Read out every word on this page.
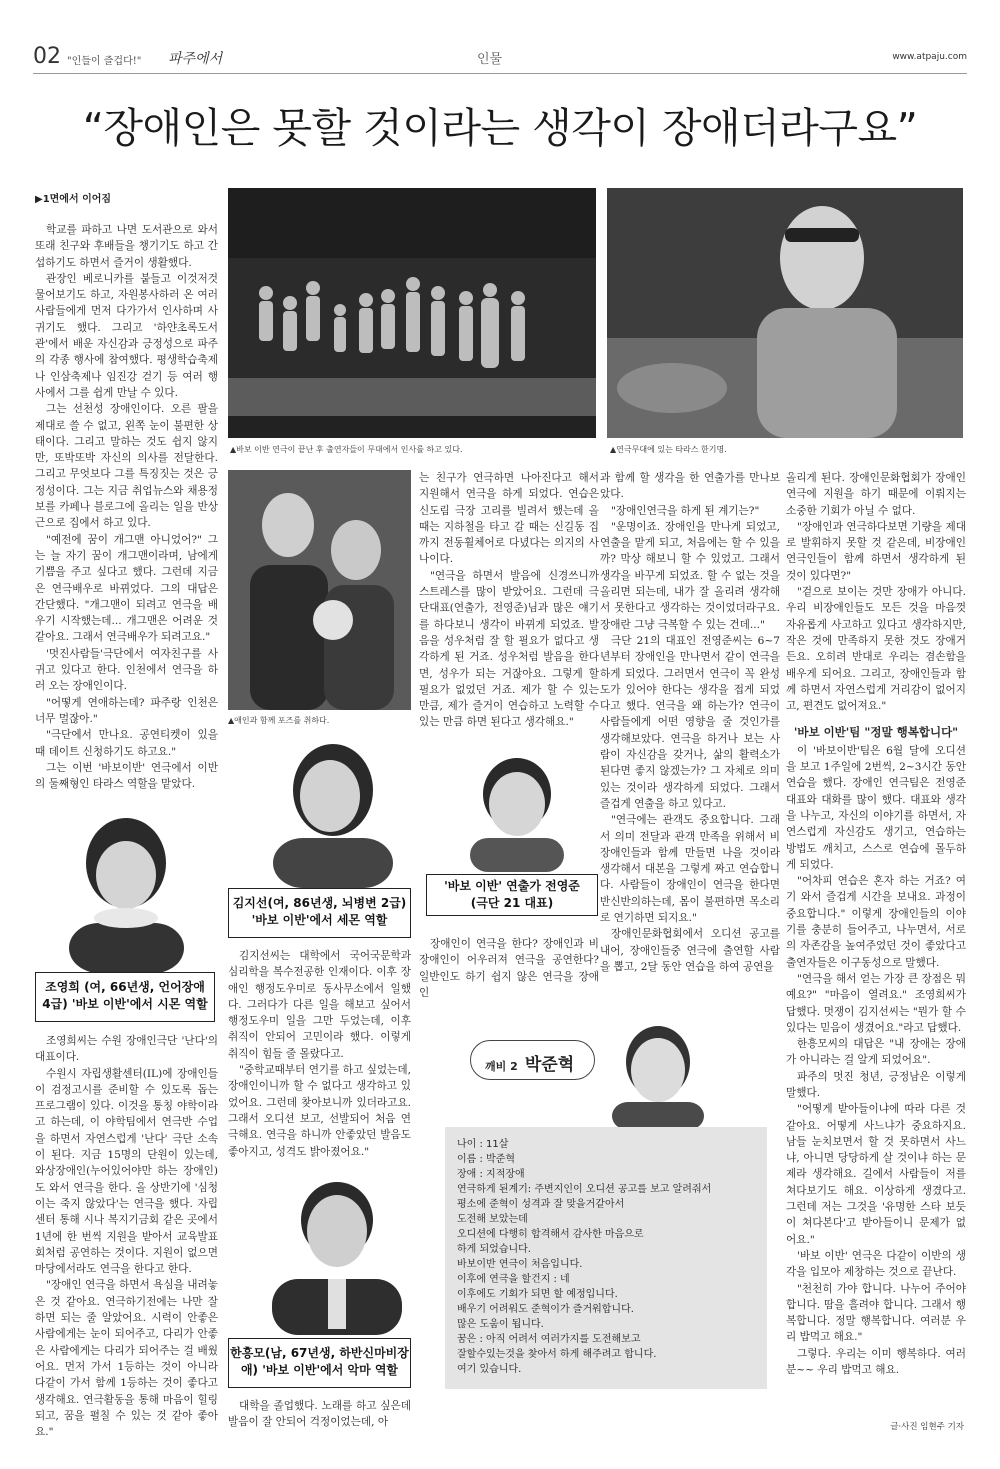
02 "인들이 즐겁다!" 파주에서	인물	www.atpaju.com
“장애인은 못할 것이라는 생각이 장애더라구요”
▶1면에서 이어짐

학교를 파하고 나면 도서관으로 와서 또래 친구와 후배들을 챙기기도 하고 간섭하기도 하면서 즐거이 생활했다.

관장인 베로니카를 붙들고 이것저것 물어보기도 하고, 자원봉사하러 온 여러 사람들에게 먼저 다가가서 인사하며 사귀기도 했다. 그리고 '하얀초록도서관'에서 배운 자신감과 긍정성으로 파주의 각종 행사에 참여했다. 평생학습축제나 인삼축제나 임진강 걷기 등 여러 행사에서 그를 쉽게 만날 수 있다.

그는 선천성 장애인이다. 오른 팔을 제대로 쓸 수 없고, 왼쪽 눈이 불편한 상태이다. 그리고 말하는 것도 쉽지 않지만, 또박또박 자신의 의사를 전달한다. 그리고 무엇보다 그를 특징짓는 것은 긍정성이다. 그는 지금 취업뉴스와 채용정보를 카페나 블로그에 올리는 일을 반상근으로 집에서 하고 있다.

"예전에 꿈이 개그맨 아니었어?" 그는 늘 자기 꿈이 개그맨이라며, 남에게 기쁨을 주고 싶다고 했다. 그런데 지금은 연극배우로 바뀌었다. 그의 대답은 간단했다. "개그맨이 되려고 연극을 배우기 시작했는데... 개그맨은 어려운 것 같아요. 그래서 연극배우가 되려고요."

'멋진사람들'극단에서 여자친구를 사귀고 있다고 한다. 인천에서 연극을 하러 오는 장애인이다.

"어떻게 연애하는데? 파주랑 인천은 너무 멀잖아."

"극단에서 만나요. 공연티켓이 있을 때 데이트 신청하기도 하고요."

그는 이번 '바보이반' 연극에서 이반의 둘째형인 타라스 역할을 맡았다.

▲바보 이반 연극이 끝난 후 출연자들이 무대에서 인사를 하고 있다.	▲연극무대에 있는 타라스 한기명.
▲애인과 함께 포즈를 취하다.

는 친구가 연극하면 나아진다고 해서 지원해서 연극을 하게 되었다. 연습은 신도림 극장 고리를 빌려서 했는데 올 때는 지하철을 타고 갈 때는 신길동 집까지 전동휠체어로 다녔다는 의지의 사나이다.

"연극을 하면서 발음에 신경쓰니까 스트레스를 많이 받았어요. 그런데 극단대표(연출가, 전영준)님과 많은 얘기를 하다보니 생각이 바뀌게 되었죠. 발음을 성우처럼 잘 할 필요가 없다고 생각하게 된 거죠. 성우처럼 발음을 한다면, 성우가 되는 거잖아요. 그렇게 할 필요가 없었던 거죠. 제가 할 수 있는 만큼, 제가 즐거이 연습하고 노력할 수 있는 만큼 하면 된다고 생각해요."

과 함께 할 생각을 한 연출가를 만나보았다.

"장애인연극을 하게 된 계기는?"

"운명이죠. 장애인을 만나게 되었고, 연출을 맡게 되고, 처음에는 할 수 있을까? 막상 해보니 할 수 있었고. 그래서 생각을 바꾸게 되었죠. 할 수 없는 것을 올리면 되는데, 내가 잘 올리려 생각해서 못한다고 생각하는 것이었더라구요. 장애란 그냥 극복할 수 있는 건데..."

극단 21의 대표인 전영준씨는 6~7년부터 장애인을 만나면서 같이 연극을 하게 되었다. 그러면서 연극이 꼭 완성도가 있어야 한다는 생각을 접게 되었다고 했다. 연극을 왜 하는가? 연극이 사람들에게 어떤 영향을 줄 것인가를 생각해보았다. 연극을 하거나 보는 사람이 자신감을 갖거나, 삶의 활력소가 된다면 좋지 않겠는가? 그 자체로 의미있는 것이라 생각하게 되었다. 그래서 즐겁게 연출을 하고 있다고.

"연극에는 관객도 중요합니다. 그래서 의미 전달과 관객 만족을 위해서 비장애인들과 함께 만들면 나을 것이라 생각해서 대본을 그렇게 짜고 연습합니다. 사람들이 장애인이 연극을 한다면 반신반의하는데, 몸이 불편하면 목소리로 연기하면 되지요."

장애인문화협회에서 오디션 공고를 내어, 장애인들중 연극에 출연할 사람을 뽑고, 2달 동안 연습을 하여 공연을

올리게 된다. 장애인문화협회가 장애인연극에 지원을 하기 때문에 이뤄지는 소중한 기회가 아닐 수 없다.

"장애인과 연극하다보면 기량을 제대로 발휘하지 못할 것 같은데, 비장애인 연극인들이 함께 하면서 생각하게 된 것이 있다면?"

"겉으로 보이는 것만 장애가 아니다. 우리 비장애인들도 모든 것을 마음껏 자유롭게 사고하고 있다고 생각하지만, 작은 것에 만족하지 못한 것도 장애거든요. 오히려 반대로 우리는 겸손함을 배우게 되어요. 그리고, 장애인들과 함께 하면서 자연스럽게 거리감이 없어지고, 편견도 없어져요."

'바보 이반'팀 "정말 행복합니다"

이 '바보이반'팀은 6월 달에 오디션을 보고 1주일에 2번씩, 2~3시간 동안 연습을 했다. 장애인 연극팀은 전영준 대표와 대화를 많이 했다. 대표와 생각을 나누고, 자신의 이야기를 하면서, 자연스럽게 자신감도 생기고, 연습하는 방법도 깨치고, 스스로 연습에 몰두하게 되었다.

"어차피 연습은 혼자 하는 거죠? 여기 와서 즐겁게 시간을 보내요. 과정이 중요합니다." 이렇게 장애인들의 이야기를 충분히 들어주고, 나누면서, 서로의 자존감을 높여주었던 것이 좋았다고 출연자들은 이구동성으로 말했다.

"연극을 해서 얻는 가장 큰 장점은 뭐예요?" "마음이 열려요." 조영희씨가 답했다. 멋쟁이 김지선씨는 "뭔가 할 수 있다는 믿음이 생겼어요."라고 답했다.

한흥모씨의 대답은 "내 장애는 장애가 아니라는 걸 알게 되었어요".

파주의 멋진 청년, 긍정남은 이렇게 말했다.

"어떻게 받아들이냐에 따라 다른 것 같아요. 어떻게 사느냐가 중요하지요. 남들 눈치보면서 할 것 못하면서 사느냐, 아니면 당당하게 살 것이냐 하는 문제라 생각해요. 길에서 사람들이 저를 쳐다보기도 해요. 이상하게 생겼다고. 그런데 저는 그것을 '유명한 스타 보듯이 쳐다본다'고 받아들이니 문제가 없어요."

'바보 이반' 연극은 다같이 이반의 생각을 입모아 제창하는 것으로 끝난다.

"천천히 가야 합니다. 나누어 주어야 합니다. 땀을 흘려야 합니다. 그래서 행복합니다. 정말 행복합니다. 여러분 우리 밥먹고 해요."

그렇다. 우리는 이미 행복하다. 여러분~~ 우리 밥먹고 해요.

글·사진 임현주 기자
조영희 (여, 66년생, 언어장애
4급) '바보 이반'에서 시몬 역할

조영희씨는 수원 장애인극단 '난다'의 대표이다.

수원시 자립생활센터(IL)에 장애인들이 검정고시를 준비할 수 있도록 돕는 프로그램이 있다. 이것을 통칭 야학이라고 하는데, 이 야학팀에서 연극반 수업을 하면서 자연스럽게 '난다' 극단 소속이 된다. 지금 15명의 단원이 있는데, 와상장애인(누어있어야만 하는 장애인)도 와서 연극을 한다. 올 상반기에 '심청이는 죽지 않았다'는 연극을 했다. 자립센터 통해 시나 복지기금회 같은 곳에서 1년에 한 번씩 지원을 받아서 교육발표회처럼 공연하는 것이다. 지원이 없으면 마당에서라도 연극을 한다고 한다.

"장애인 연극을 하면서 욕심을 내려놓은 것 같아요. 연극하기전에는 나만 잘하면 되는 줄 알았어요. 시력이 안좋은 사람에게는 눈이 되어주고, 다리가 안좋은 사람에게는 다리가 되어주는 걸 배웠어요. 먼저 가서 1등하는 것이 아니라 다같이 가서 함께 1등하는 것이 좋다고 생각해요. 연극활동을 통해 마음이 힐링 되고, 꿈을 펼칠 수 있는 것 같아 좋아요."

김지선(여, 86년생, 뇌병변 2급)
'바보 이반'에서 세몬 역할

김지선씨는 대학에서 국어국문학과 심리학을 복수전공한 인재이다. 이후 장애인 행정도우미로 동사무소에서 일했다. 그러다가 다른 일을 해보고 싶어서 행정도우미 일을 그만 두었는데, 이후 취직이 안되어 고민이라 했다. 이렇게 취직이 힘들 줄 몰랐다고.

"중학교때부터 연기를 하고 싶었는데, 장애인이니까 할 수 없다고 생각하고 있었어요. 그런데 찾아보니까 있더라고요. 그래서 오디션 보고, 선발되어 처음 연극해요. 연극을 하니까 안좋았던 발음도 좋아지고, 성격도 밝아졌어요."

한흥모(남, 67년생, 하반신마비장
애) '바보 이반'에서 악마 역할
대학을 졸업했다. 노래를 하고 싶은데 발음이 잘 안되어 걱정이었는데, 아
'바보 이반' 연출가 전영준
(극단 21 대표)
장애인이 연극을 한다? 장애인과 비장애인이 어우러져 연극을 공연한다? 일반인도 하기 쉽지 않은 연극을 장애인
깨비 2 박준혁
나이 : 11살
이름 : 박준혁
장애 : 지적장애
연극하게 된계기: 주변지인이 오디션 공고를 보고 알려줘서
평소에 준혁이 성격과 잘 맞을거같아서
도전해 보았는데
오디션에 다행히 합격해서 감사한 마음으로
하게 되었습니다.
바보이반 연극이 처음입니다.
이후에 연극을 할건지 : 네
이후에도 기회가 되면 할 예정입니다.
배우기 어려워도 준혁이가 즐거워합니다.
많은 도움이 됩니다.
꿈은 : 아직 어려서 여러가지를 도전해보고
잘할수있는것을 찾아서 하게 해주려고 합니다.
여기 있습니다.
